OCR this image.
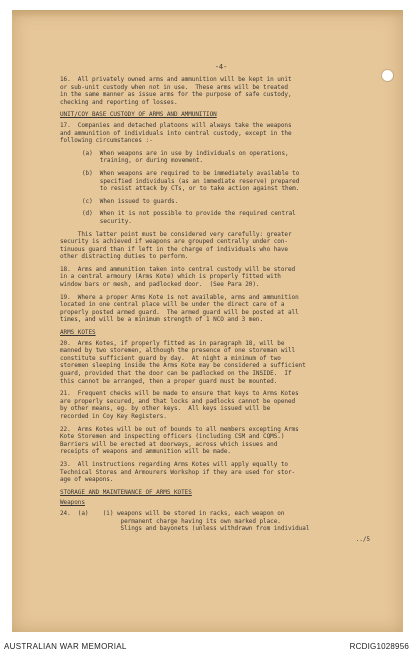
-4-
16.  All privately owned arms and ammunition will be kept in unit
or sub-unit custody when not in use.  These arms will be treated
in the same manner as issue arms for the purpose of safe custody,
checking and reporting of losses.
UNIT/COY BASE CUSTODY OF ARMS AND AMMUNITION
17.  Companies and detached platoons will always take the weapons
and ammunition of individuals into central custody, except in the
following circumstances :-
(a)  When weapons are in use by individuals on operations,
training, or during movement.
(b)  When weapons are required to be immediately available to
specified individuals (as an immediate reserve) prepared
to resist attack by CTs, or to take action against them.
(c)  When issued to guards.
(d)  When it is not possible to provide the required central
security.
This latter point must be considered very carefully: greater
security is achieved if weapons are grouped centrally under con-
tinuous guard than if left in the charge of individuals who have
other distracting duties to perform.
18.  Arms and ammunition taken into central custody will be stored
in a central armoury (Arms Kote) which is properly fitted with
window bars or mesh, and padlocked door.  (See Para 20).
19.  Where a proper Arms Kote is not available, arms and ammunition
located in one central place will be under the direct care of a
properly posted armed guard.  The armed guard will be posted at all
times, and will be a minimum strength of 1 NCO and 3 men.
ARMS KOTES
20.  Arms Kotes, if properly fitted as in paragraph 18, will be
manned by two storemen, although the presence of one storeman will
constitute sufficient guard by day.  At night a minimum of two
storemen sleeping inside the Arms Kote may be considered a sufficient
guard, provided that the door can be padlocked on the INSIDE.  If
this cannot be arranged, then a proper guard must be mounted.
21.  Frequent checks will be made to ensure that keys to Arms Kotes
are properly secured, and that locks and padlocks cannot be opened
by other means, eg. by other keys.  All keys issued will be
recorded in Coy Key Registers.
22.  Arms Kotes will be out of bounds to all members excepting Arms
Kote Storemen and inspecting officers (including CSM and CQMS.)
Barriers will be erected at doorways, across which issues and
receipts of weapons and ammunition will be made.
23.  All instructions regarding Arms Kotes will apply equally to
Technical Stores and Armourers Workshop if they are used for stor-
age of weapons.
STORAGE AND MAINTENANCE OF ARMS KOTES
Weapons
24.  (a)    (i) weapons will be stored in racks, each weapon on
permanent charge having its own marked place.
Slings and bayonets (unless withdrawn from individual
../5
AUSTRALIAN WAR MEMORIAL	RCDIG1028956
